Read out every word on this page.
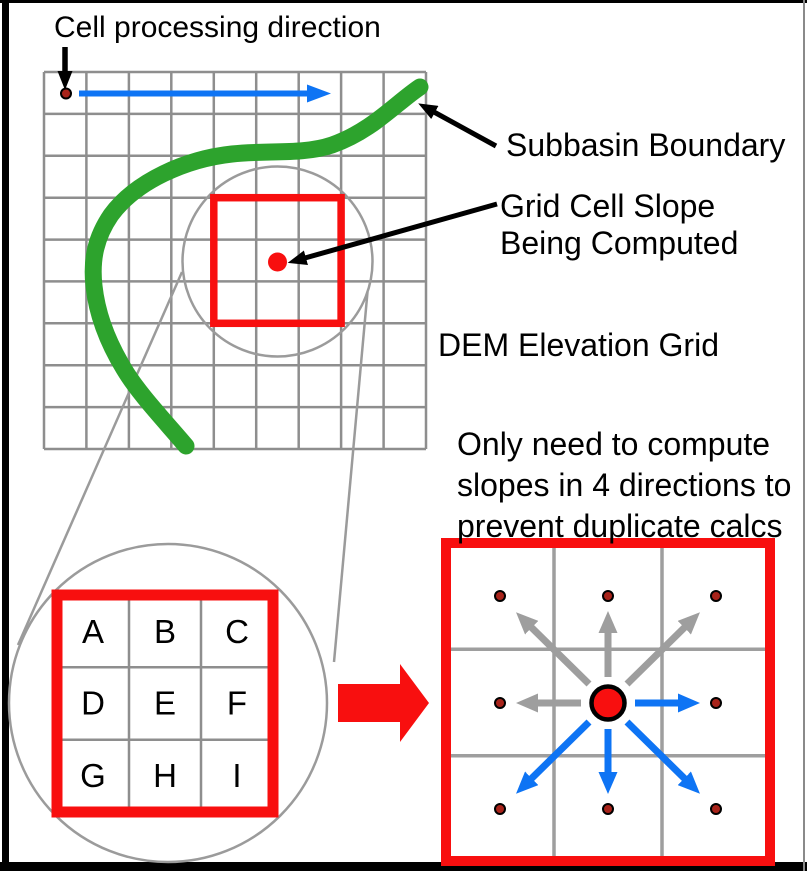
A B C
D E F
G H I
Cell processing direction
Subbasin Boundary
Grid Cell Slope
Being Computed
DEM Elevation Grid
Only need to compute
slopes in 4 directions to
prevent duplicate calcs
